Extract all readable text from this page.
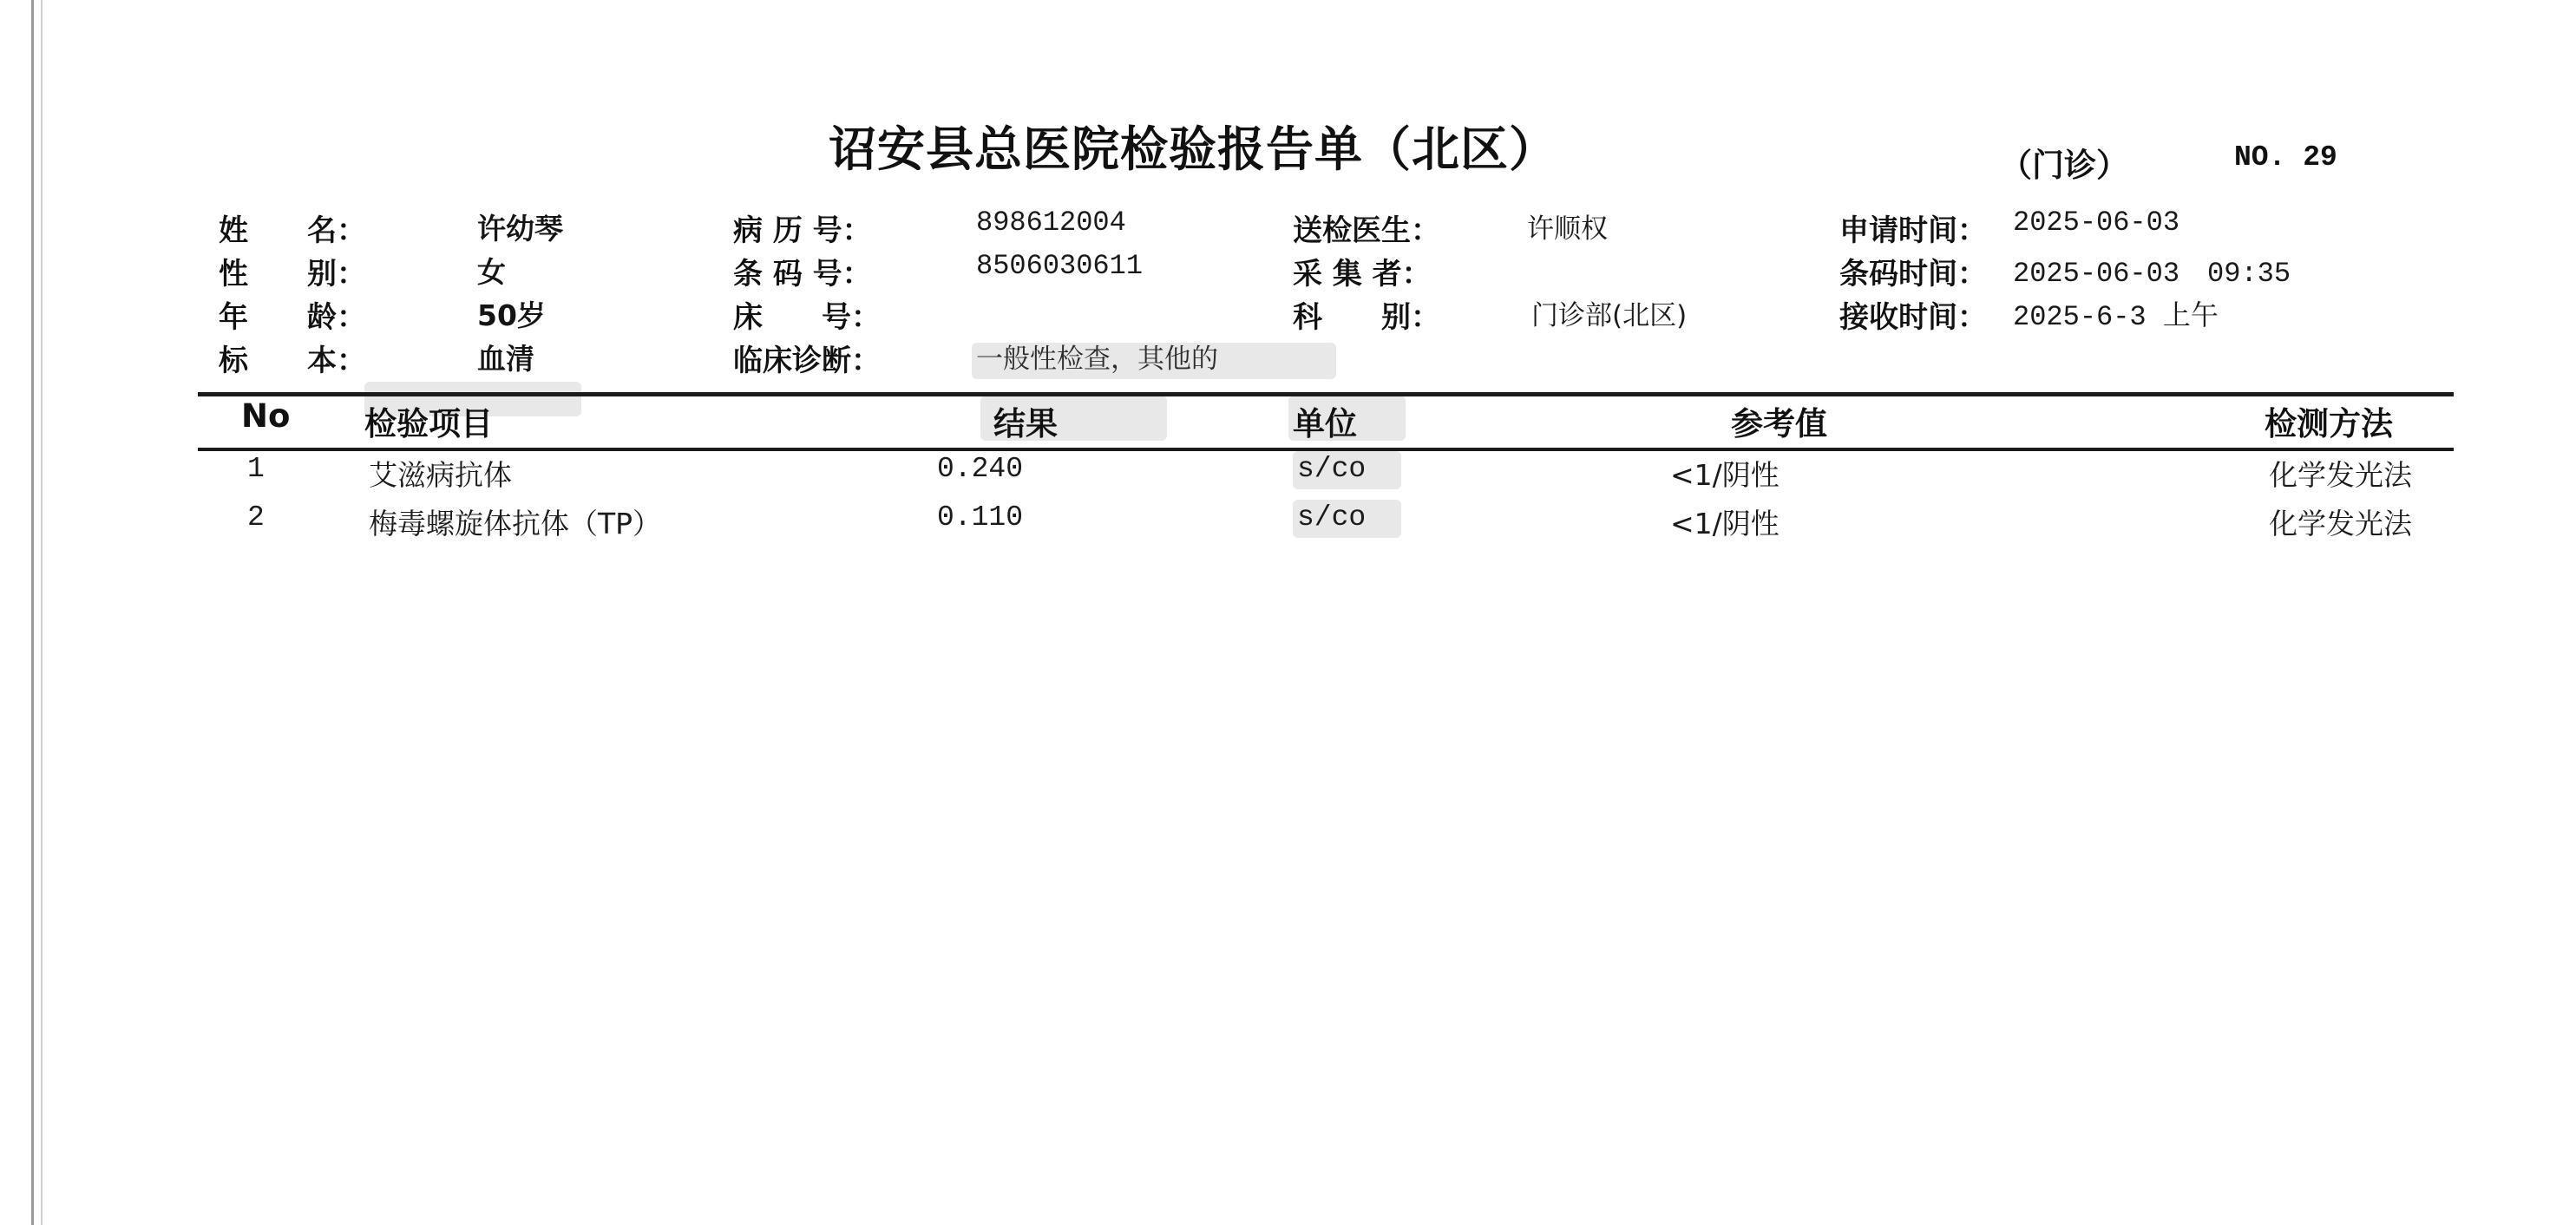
诏安县总医院检验报告单（北区）	（门诊）	NO. 29
姓　　名：	许幼琴	病 历 号：	898612004	送检医生：	许顺权	申请时间： 2025-06-03
性　　别：	女	条 码 号：	8506030611	采 集 者：	条码时间： 2025-06-03　09:35
年　　龄：	50岁	床　　号：	科　　别：	门诊部(北区)	接收时间： 2025-6-3 上午
标　　本：	血清	临床诊断：	一般性检查，其他的
No 检验项目	结果	单位	参考值	检测方法
1	艾滋病抗体	0.240	s/co	<1/阴性	化学发光法
2	梅毒螺旋体抗体（TP）	0.110	s/co	<1/阴性	化学发光法
